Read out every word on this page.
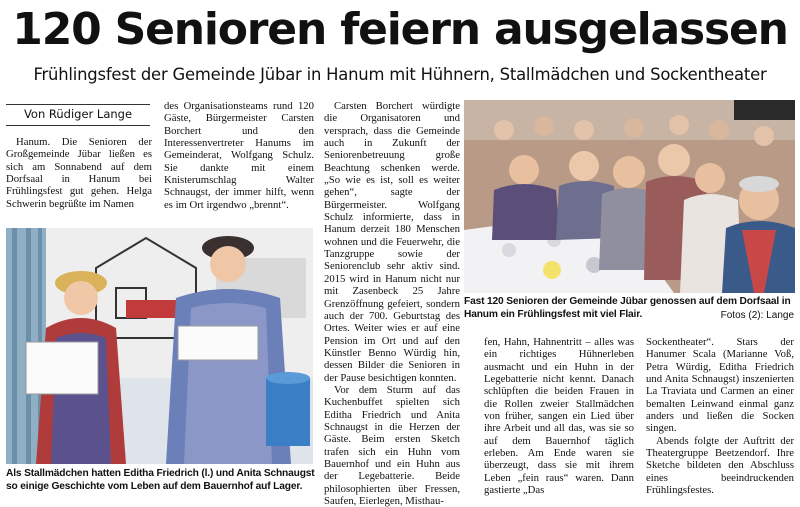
120 Senioren feiern ausgelassen
Frühlingsfest der Gemeinde Jübar in Hanum mit Hühnern, Stallmädchen und Sockentheater
Von Rüdiger Lange

Hanum. Die Senioren der Großgemeinde Jübar ließen es sich am Sonnabend auf dem Dorfsaal in Hanum bei Frühlingsfest gut gehen. Helga Schwerin begrüßte im Namen

des Organisationsteams rund 120 Gäste, Bürgermeister Carsten Borchert und den Interessenvertreter Hanums im Gemeinderat, Wolfgang Schulz. Sie dankte mit einem Knisterumschlag Walter Schnaugst, der immer hilft, wenn es im Ort irgendwo „brennt“.

Carsten Borchert würdigte die Organisatoren und versprach, dass die Gemeinde auch in Zukunft der Seniorenbetreuung große Beachtung schenken werde. „So wie es ist, soll es weiter gehen“, sagte der Bürgermeister. Wolfgang Schulz informierte, dass in Hanum derzeit 180 Menschen wohnen und die Feuerwehr, die Tanzgruppe sowie der Seniorenclub sehr aktiv sind. 2015 wird in Hanum nicht nur mit Zasenbeck 25 Jahre Grenzöffnung gefeiert, sondern auch der 700. Geburtstag des Ortes. Weiter wies er auf eine Pension im Ort und auf den Künstler Benno Würdig hin, dessen Bilder die Senioren in der Pause besichtigen konnten.

Vor dem Sturm auf das Kuchenbuffet spielten sich Editha Friedrich und Anita Schnaugst in die Herzen der Gäste. Beim ersten Sketch trafen sich ein Huhn vom Bauernhof und ein Huhn aus der Legebatterie. Beide philosophierten über Fressen, Saufen, Eierlegen, Misthau-

fen, Hahn, Hahnentritt – alles was ein richtiges Hühnerleben ausmacht und ein Huhn in der Legebatterie nicht kennt. Danach schlüpften die beiden Frauen in die Rollen zweier Stallmädchen von früher, sangen ein Lied über ihre Arbeit und all das, was sie so auf dem Bauernhof täglich erleben. Am Ende waren sie überzeugt, dass sie mit ihrem Leben „fein raus“ waren. Dann gastierte „Das

Sockentheater“. Stars der Hanumer Scala (Marianne Voß, Petra Würdig, Editha Friedrich und Anita Schnaugst) inszenierten La Traviata und Carmen an einer bemalten Leinwand einmal ganz anders und ließen die Socken singen.

Abends folgte der Auftritt der Theatergruppe Beetzendorf. Ihre Sketche bildeten den Abschluss eines beeindruckenden Frühlingsfestes.

Als Stallmädchen hatten Editha Friedrich (l.) und Anita Schnaugst so einige Geschichte vom Leben auf dem Bauernhof auf Lager.
Fast 120 Senioren der Gemeinde Jübar genossen auf dem Dorfsaal in Hanum ein Frühlingsfest mit viel Flair.	Fotos (2): Lange
